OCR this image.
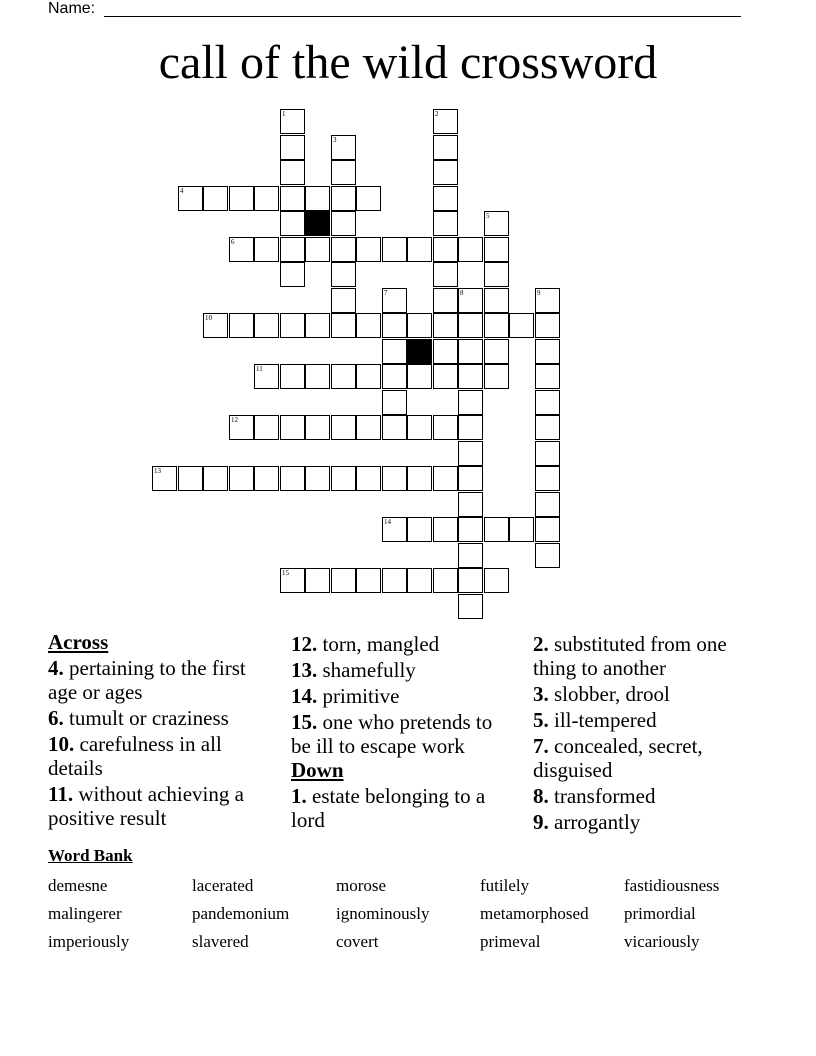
Name:
call of the wild crossword
1	2
3
4
5
6
7	8	9
10
11
12
13
14
15
Across
4. pertaining to the first age or ages
6. tumult or craziness
10. carefulness in all details
11. without achieving a positive result
12. torn, mangled
13. shamefully
14. primitive
15. one who pretends to be ill to escape work
Down
1. estate belonging to a lord
2. substituted from one thing to another
3. slobber, drool
5. ill-tempered
7. concealed, secret, disguised
8. transformed
9. arrogantly
Word Bank
demesne	lacerated	morose	futilely	fastidiousness
malingerer	pandemonium	ignominously	metamorphosed primordial
imperiously	slavered	covert	primeval	vicariously
